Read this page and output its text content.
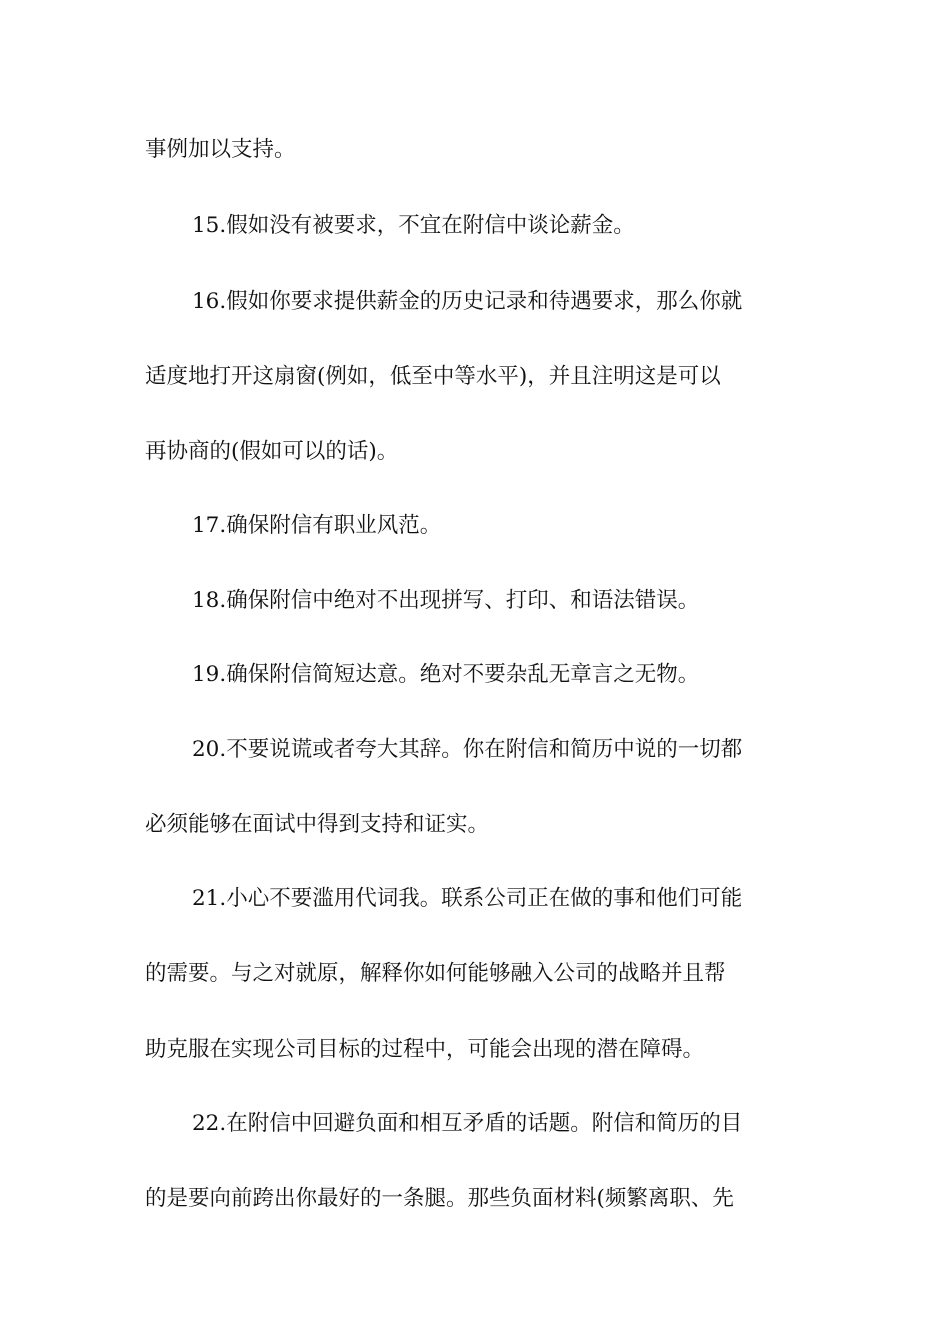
事例加以支持。
15.假如没有被要求，不宜在附信中谈论薪金。
16.假如你要求提供薪金的历史记录和待遇要求，那么你就
适度地打开这扇窗(例如，低至中等水平)，并且注明这是可以
再协商的(假如可以的话)。
17.确保附信有职业风范。
18.确保附信中绝对不出现拼写、打印、和语法错误。
19.确保附信简短达意。绝对不要杂乱无章言之无物。
20.不要说谎或者夸大其辞。你在附信和简历中说的一切都
必须能够在面试中得到支持和证实。
21.小心不要滥用代词我。联系公司正在做的事和他们可能
的需要。与之对就原，解释你如何能够融入公司的战略并且帮
助克服在实现公司目标的过程中，可能会出现的潜在障碍。
22.在附信中回避负面和相互矛盾的话题。附信和简历的目
的是要向前跨出你最好的一条腿。那些负面材料(频繁离职、先
